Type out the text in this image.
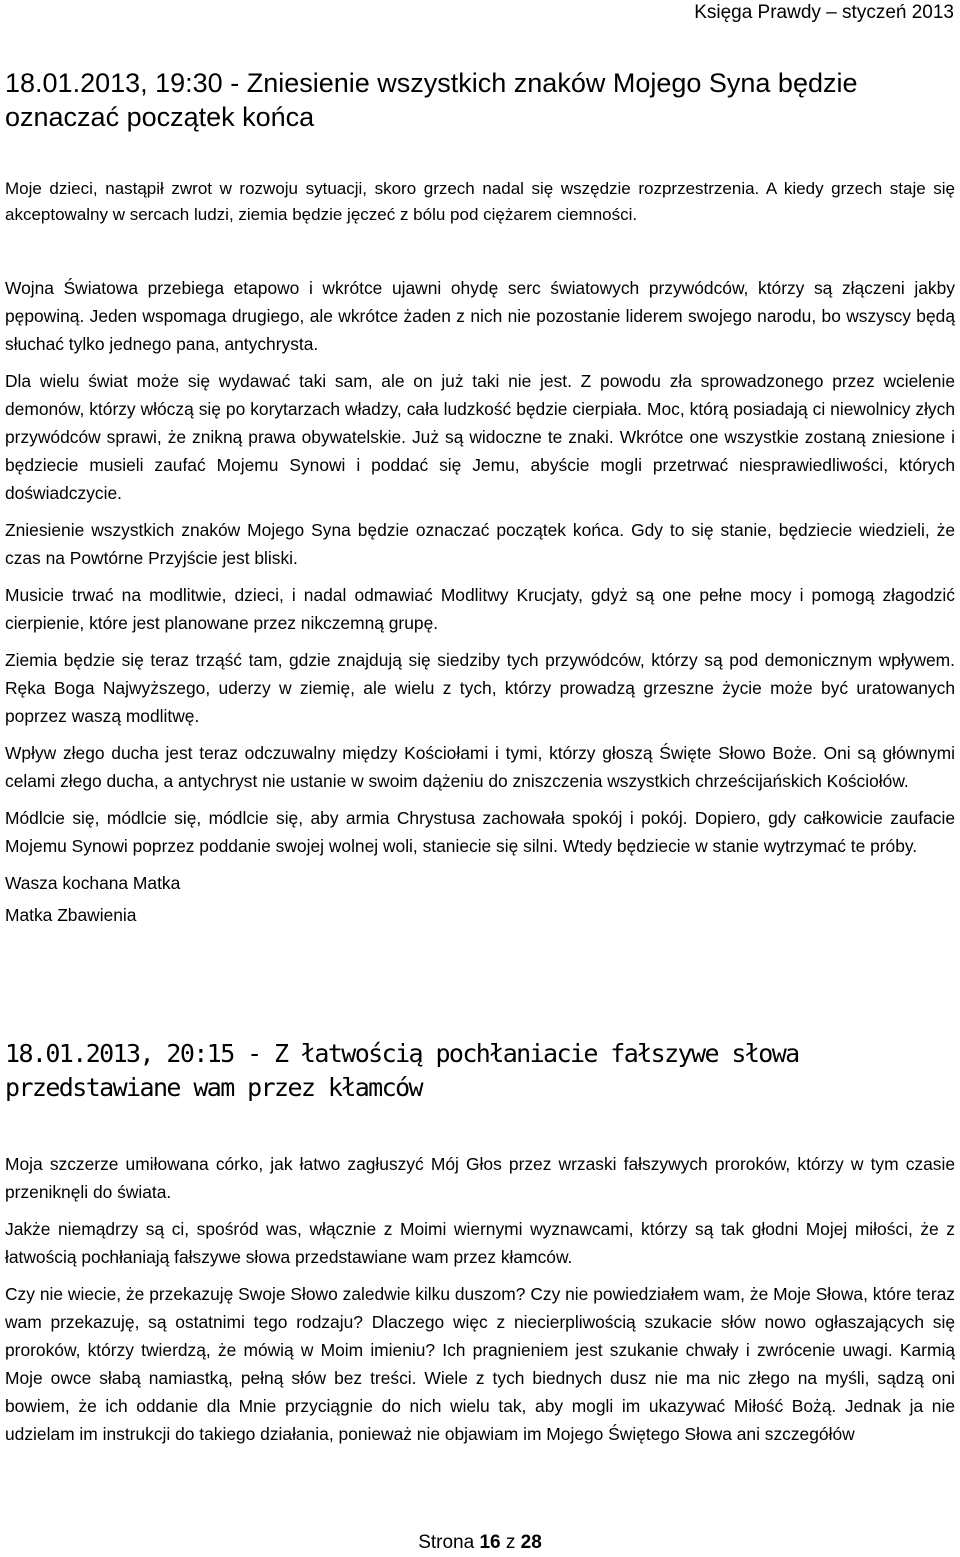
Księga Prawdy – styczeń 2013
18.01.2013, 19:30 - Zniesienie wszystkich znaków Mojego Syna będzie oznaczać początek końca
Moje dzieci, nastąpił zwrot w rozwoju sytuacji, skoro grzech nadal się wszędzie rozprzestrzenia. A kiedy grzech staje się akceptowalny w sercach ludzi, ziemia będzie jęczeć z bólu pod ciężarem ciemności.

Wojna Światowa przebiega etapowo i wkrótce ujawni ohydę serc światowych przywódców, którzy są złączeni jakby pępowiną. Jeden wspomaga drugiego, ale wkrótce żaden z nich nie pozostanie liderem swojego narodu, bo wszyscy będą słuchać tylko jednego pana, antychrysta.

Dla wielu świat może się wydawać taki sam, ale on już taki nie jest. Z powodu zła sprowadzonego przez wcielenie demonów, którzy włóczą się po korytarzach władzy, cała ludzkość będzie cierpiała. Moc, którą posiadają ci niewolnicy złych przywódców sprawi, że znikną prawa obywatelskie. Już są widoczne te znaki. Wkrótce one wszystkie zostaną zniesione i będziecie musieli zaufać Mojemu Synowi i poddać się Jemu, abyście mogli przetrwać niesprawiedliwości, których doświadczycie.

Zniesienie wszystkich znaków Mojego Syna będzie oznaczać początek końca. Gdy to się stanie, będziecie wiedzieli, że czas na Powtórne Przyjście jest bliski.

Musicie trwać na modlitwie, dzieci, i nadal odmawiać Modlitwy Krucjaty, gdyż są one pełne mocy i pomogą złagodzić cierpienie, które jest planowane przez nikczemną grupę.

Ziemia będzie się teraz trząść tam, gdzie znajdują się siedziby tych przywódców, którzy są pod demonicznym wpływem. Ręka Boga Najwyższego, uderzy w ziemię, ale wielu z tych, którzy prowadzą grzeszne życie może być uratowanych poprzez waszą modlitwę.

Wpływ złego ducha jest teraz odczuwalny między Kościołami i tymi, którzy głoszą Święte Słowo Boże. Oni są głównymi celami złego ducha, a antychryst nie ustanie w swoim dążeniu do zniszczenia wszystkich chrześcijańskich Kościołów.

Módlcie się, módlcie się, módlcie się, aby armia Chrystusa zachowała spokój i pokój. Dopiero, gdy całkowicie zaufacie Mojemu Synowi poprzez poddanie swojej wolnej woli, staniecie się silni. Wtedy będziecie w stanie wytrzymać te próby.

Wasza kochana Matka

Matka Zbawienia

18.01.2013, 20:15 - Z łatwością pochłaniacie fałszywe słowa przedstawiane wam przez kłamców

Moja szczerze umiłowana córko, jak łatwo zagłuszyć Mój Głos przez wrzaski fałszywych proroków, którzy w tym czasie przeniknęli do świata.

Jakże niemądrzy są ci, spośród was, włącznie z Moimi wiernymi wyznawcami, którzy są tak głodni Mojej miłości, że z łatwością pochłaniają fałszywe słowa przedstawiane wam przez kłamców.

Czy nie wiecie, że przekazuję Swoje Słowo zaledwie kilku duszom? Czy nie powiedziałem wam, że Moje Słowa, które teraz wam przekazuję, są ostatnimi tego rodzaju? Dlaczego więc z niecierpliwością szukacie słów nowo ogłaszających się proroków, którzy twierdzą, że mówią w Moim imieniu? Ich pragnieniem jest szukanie chwały i zwrócenie uwagi. Karmią Moje owce słabą namiastką, pełną słów bez treści. Wiele z tych biednych dusz nie ma nic złego na myśli, sądzą oni bowiem, że ich oddanie dla Mnie przyciągnie do nich wielu tak, aby mogli im ukazywać Miłość Bożą. Jednak ja nie udzielam im instrukcji do takiego działania, ponieważ nie objawiam im Mojego Świętego Słowa ani szczegółów

Strona 16 z 28
